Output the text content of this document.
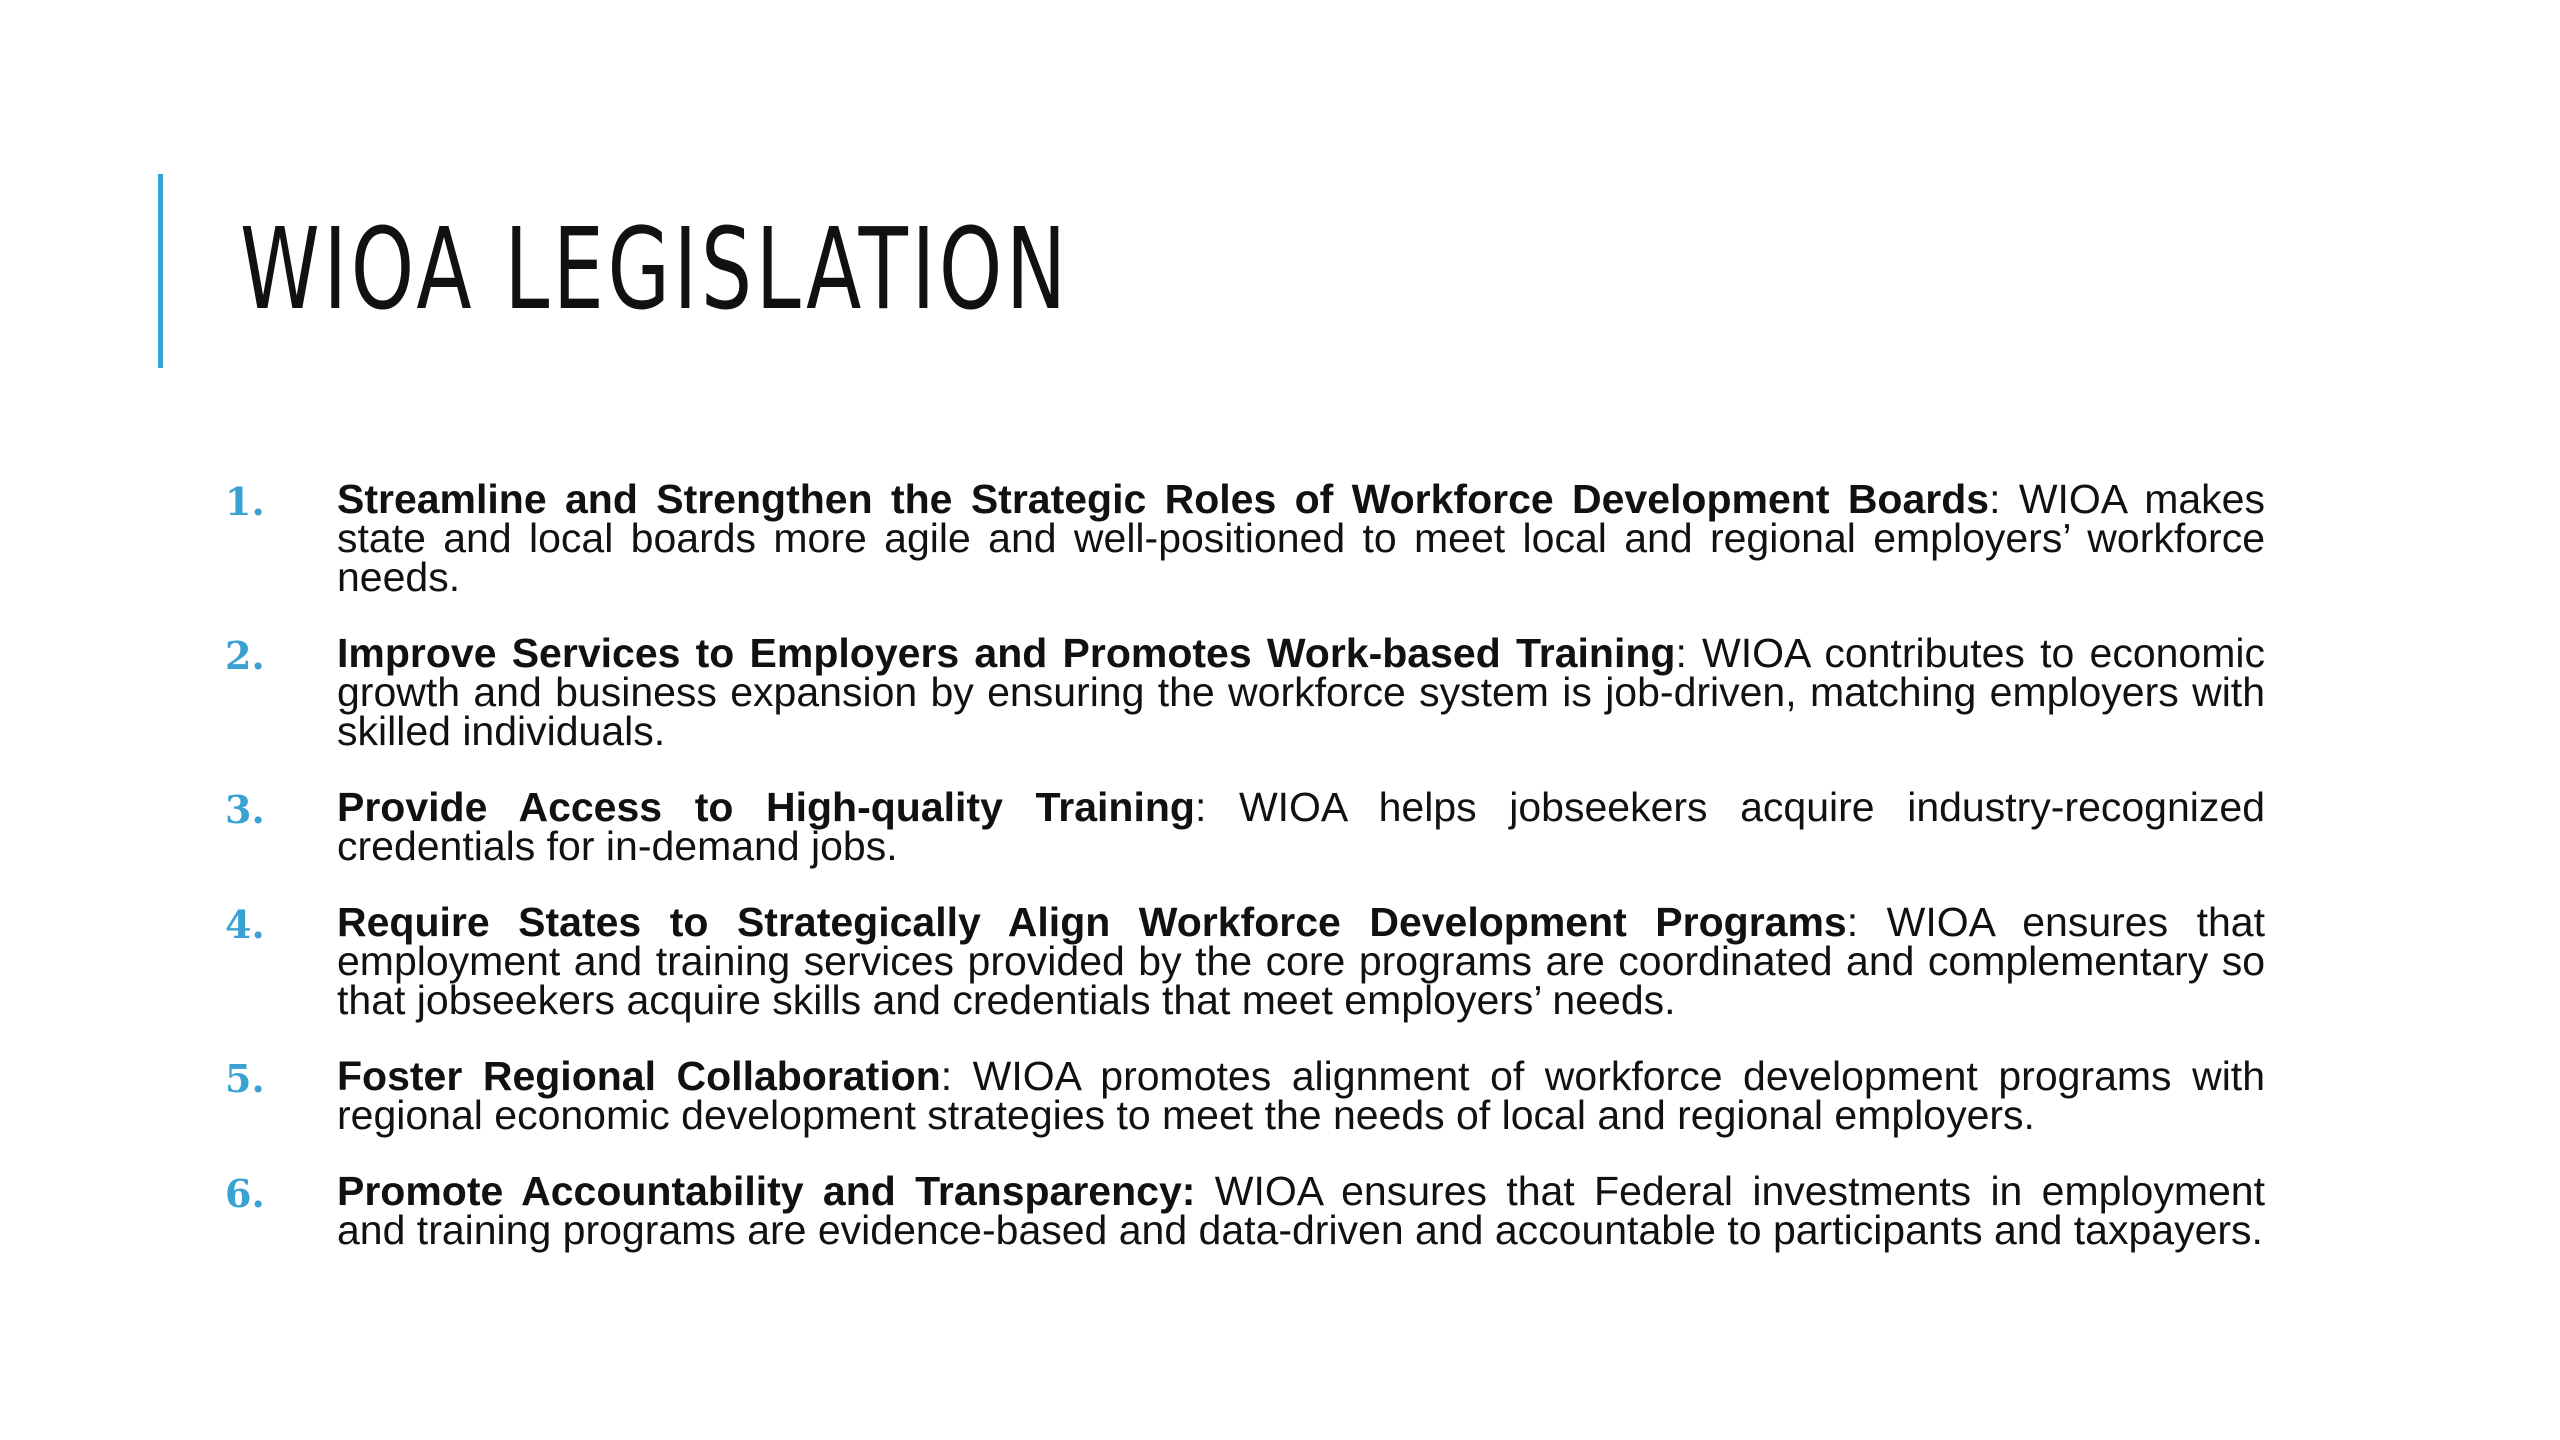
WIOA LEGISLATION
1. Streamline and Strengthen the Strategic Roles of Workforce Development Boards: WIOA makes state and local boards more agile and well-positioned to meet local and regional employers’ workforce needs.
2. Improve Services to Employers and Promotes Work-based Training: WIOA contributes to economic growth and business expansion by ensuring the workforce system is job-driven, matching employers with skilled individuals.
3. Provide Access to High-quality Training: WIOA helps jobseekers acquire industry-recognized credentials for in-demand jobs.
4. Require States to Strategically Align Workforce Development Programs: WIOA ensures that employment and training services provided by the core programs are coordinated and complementary so that jobseekers acquire skills and credentials that meet employers’ needs.
5. Foster Regional Collaboration: WIOA promotes alignment of workforce development programs with regional economic development strategies to meet the needs of local and regional employers.
6. Promote Accountability and Transparency: WIOA ensures that Federal investments in employment and training programs are evidence-based and data-driven and accountable to participants and taxpayers.
